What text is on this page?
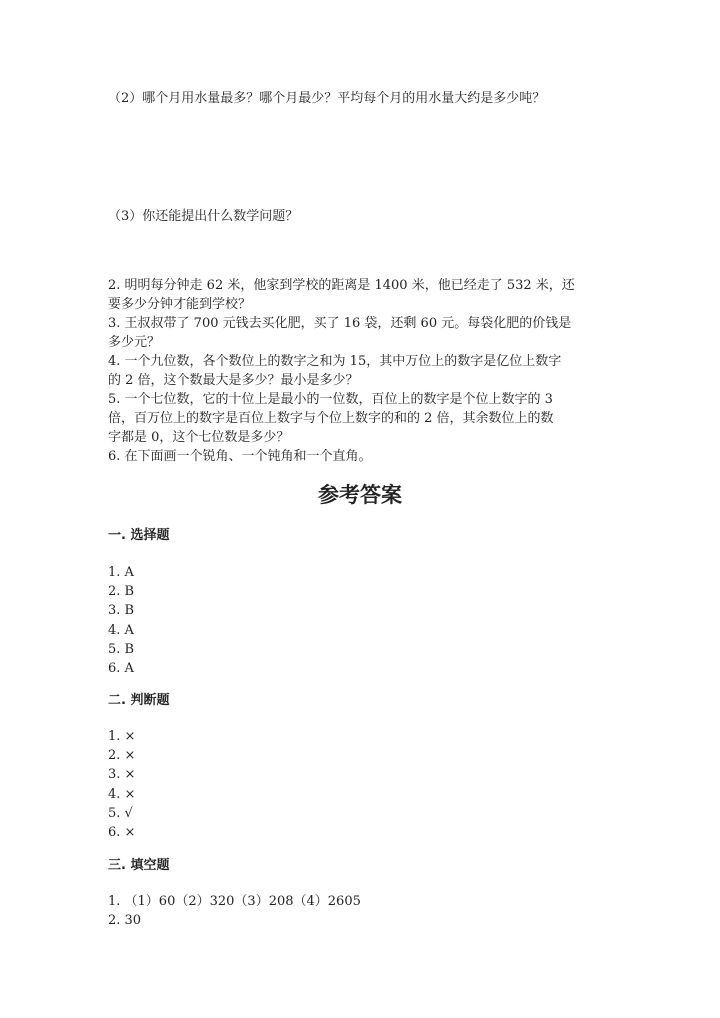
（2）哪个月用水量最多？哪个月最少？平均每个月的用水量大约是多少吨？
（3）你还能提出什么数学问题？
2. 明明每分钟走 62 米，他家到学校的距离是 1400 米，他已经走了 532 米，还
要多少分钟才能到学校？
3. 王叔叔带了 700 元钱去买化肥，买了 16 袋，还剩 60 元。每袋化肥的价钱是
多少元？
4. 一个九位数，各个数位上的数字之和为 15，其中万位上的数字是亿位上数字
的 2 倍，这个数最大是多少？最小是多少？
5. 一个七位数，它的十位上是最小的一位数，百位上的数字是个位上数字的 3
倍，百万位上的数字是百位上数字与个位上数字的和的 2 倍，其余数位上的数
字都是 0，这个七位数是多少？
6. 在下面画一个锐角、一个钝角和一个直角。
参考答案
一. 选择题
1. A
2. B
3. B
4. A
5. B
6. A
二. 判断题
1. ×
2. ×
3. ×
4. ×
5. √
6. ×
三. 填空题
1. （1）60（2）320（3）208（4）2605
2. 30
